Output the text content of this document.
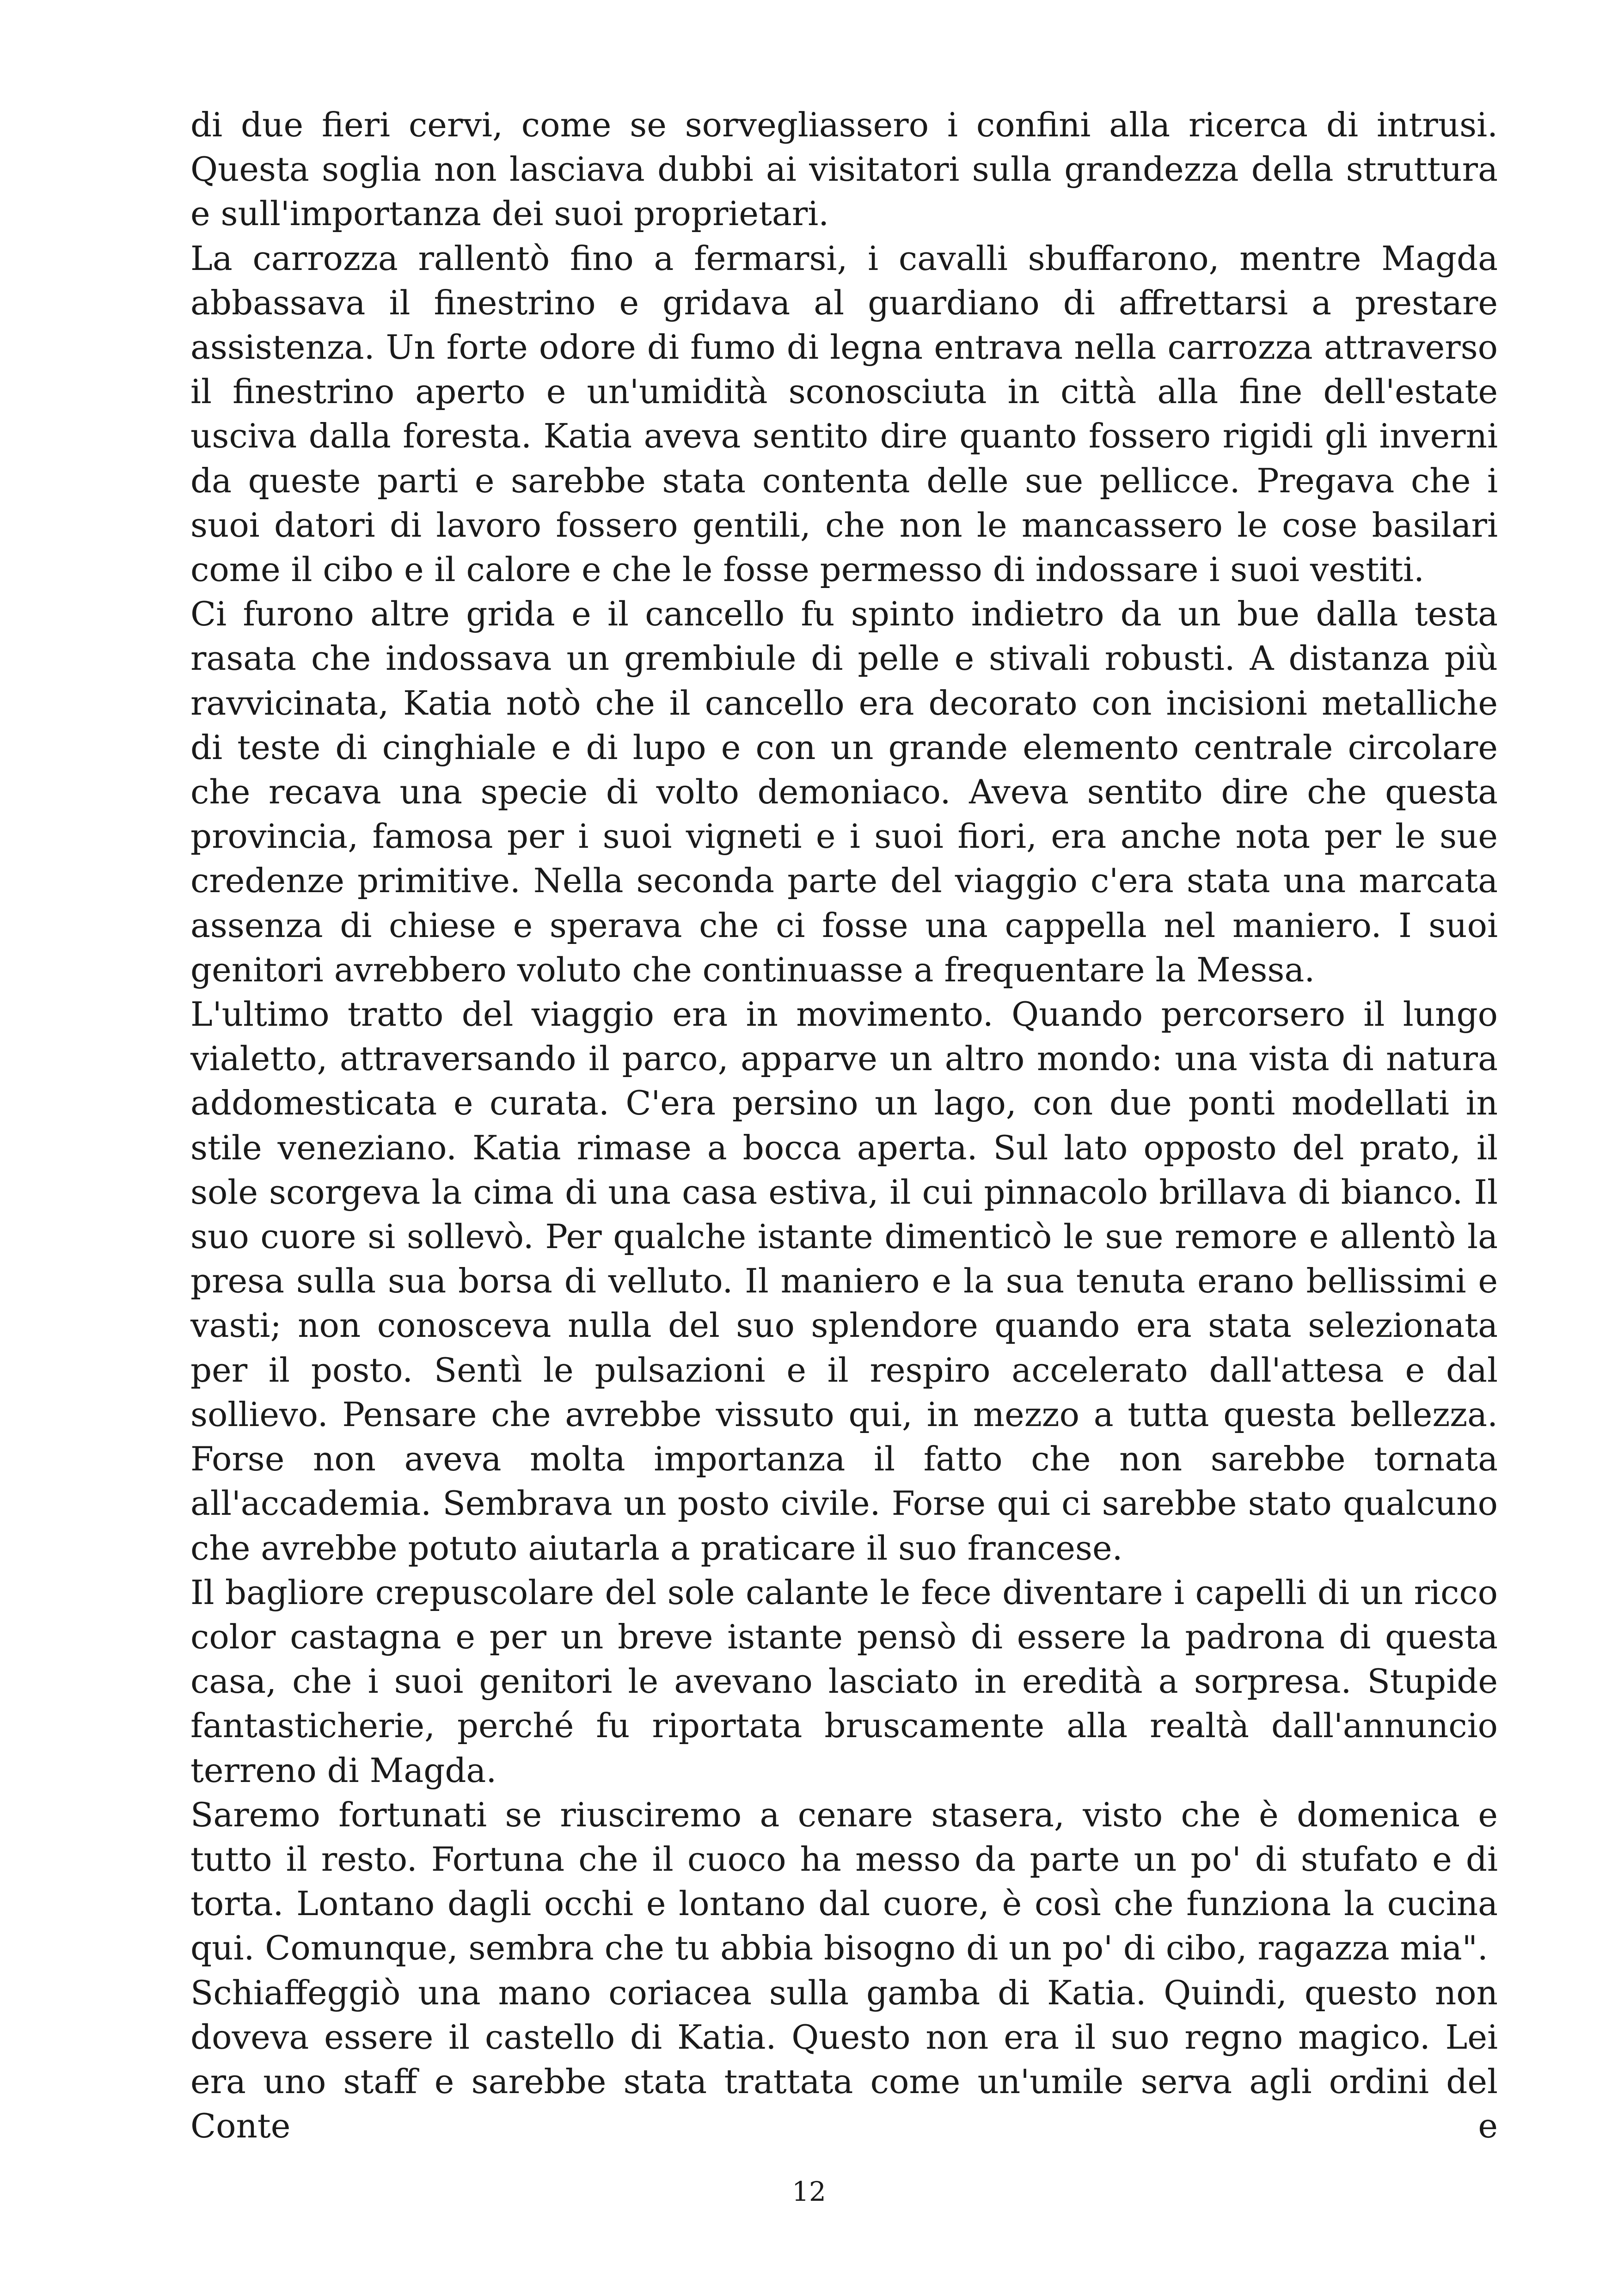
di due fieri cervi, come se sorvegliassero i confini alla ricerca di intrusi. Questa soglia non lasciava dubbi ai visitatori sulla grandezza della struttura e sull'importanza dei suoi proprietari.

La carrozza rallentò fino a fermarsi, i cavalli sbuffarono, mentre Magda abbassava il finestrino e gridava al guardiano di affrettarsi a prestare assistenza. Un forte odore di fumo di legna entrava nella carrozza attraverso il finestrino aperto e un'umidità sconosciuta in città alla fine dell'estate usciva dalla foresta. Katia aveva sentito dire quanto fossero rigidi gli inverni da queste parti e sarebbe stata contenta delle sue pellicce. Pregava che i suoi datori di lavoro fossero gentili, che non le mancassero le cose basilari come il cibo e il calore e che le fosse permesso di indossare i suoi vestiti.

Ci furono altre grida e il cancello fu spinto indietro da un bue dalla testa rasata che indossava un grembiule di pelle e stivali robusti. A distanza più ravvicinata, Katia notò che il cancello era decorato con incisioni metalliche di teste di cinghiale e di lupo e con un grande elemento centrale circolare che recava una specie di volto demoniaco. Aveva sentito dire che questa provincia, famosa per i suoi vigneti e i suoi fiori, era anche nota per le sue credenze primitive. Nella seconda parte del viaggio c'era stata una marcata assenza di chiese e sperava che ci fosse una cappella nel maniero. I suoi genitori avrebbero voluto che continuasse a frequentare la Messa.

L'ultimo tratto del viaggio era in movimento. Quando percorsero il lungo vialetto, attraversando il parco, apparve un altro mondo: una vista di natura addomesticata e curata. C'era persino un lago, con due ponti modellati in stile veneziano. Katia rimase a bocca aperta. Sul lato opposto del prato, il sole scorgeva la cima di una casa estiva, il cui pinnacolo brillava di bianco. Il suo cuore si sollevò. Per qualche istante dimenticò le sue remore e allentò la presa sulla sua borsa di velluto. Il maniero e la sua tenuta erano bellissimi e vasti; non conosceva nulla del suo splendore quando era stata selezionata per il posto. Sentì le pulsazioni e il respiro accelerato dall'attesa e dal sollievo. Pensare che avrebbe vissuto qui, in mezzo a tutta questa bellezza. Forse non aveva molta importanza il fatto che non sarebbe tornata all'accademia. Sembrava un posto civile. Forse qui ci sarebbe stato qualcuno che avrebbe potuto aiutarla a praticare il suo francese.

Il bagliore crepuscolare del sole calante le fece diventare i capelli di un ricco color castagna e per un breve istante pensò di essere la padrona di questa casa, che i suoi genitori le avevano lasciato in eredità a sorpresa. Stupide fantasticherie, perché fu riportata bruscamente alla realtà dall'annuncio terreno di Magda.

Saremo fortunati se riusciremo a cenare stasera, visto che è domenica e tutto il resto. Fortuna che il cuoco ha messo da parte un po' di stufato e di torta. Lontano dagli occhi e lontano dal cuore, è così che funziona la cucina qui. Comunque, sembra che tu abbia bisogno di un po' di cibo, ragazza mia".

Schiaffeggiò una mano coriacea sulla gamba di Katia. Quindi, questo non doveva essere il castello di Katia. Questo non era il suo regno magico. Lei era uno staff e sarebbe stata trattata come un'umile serva agli ordini del Conte e

12
